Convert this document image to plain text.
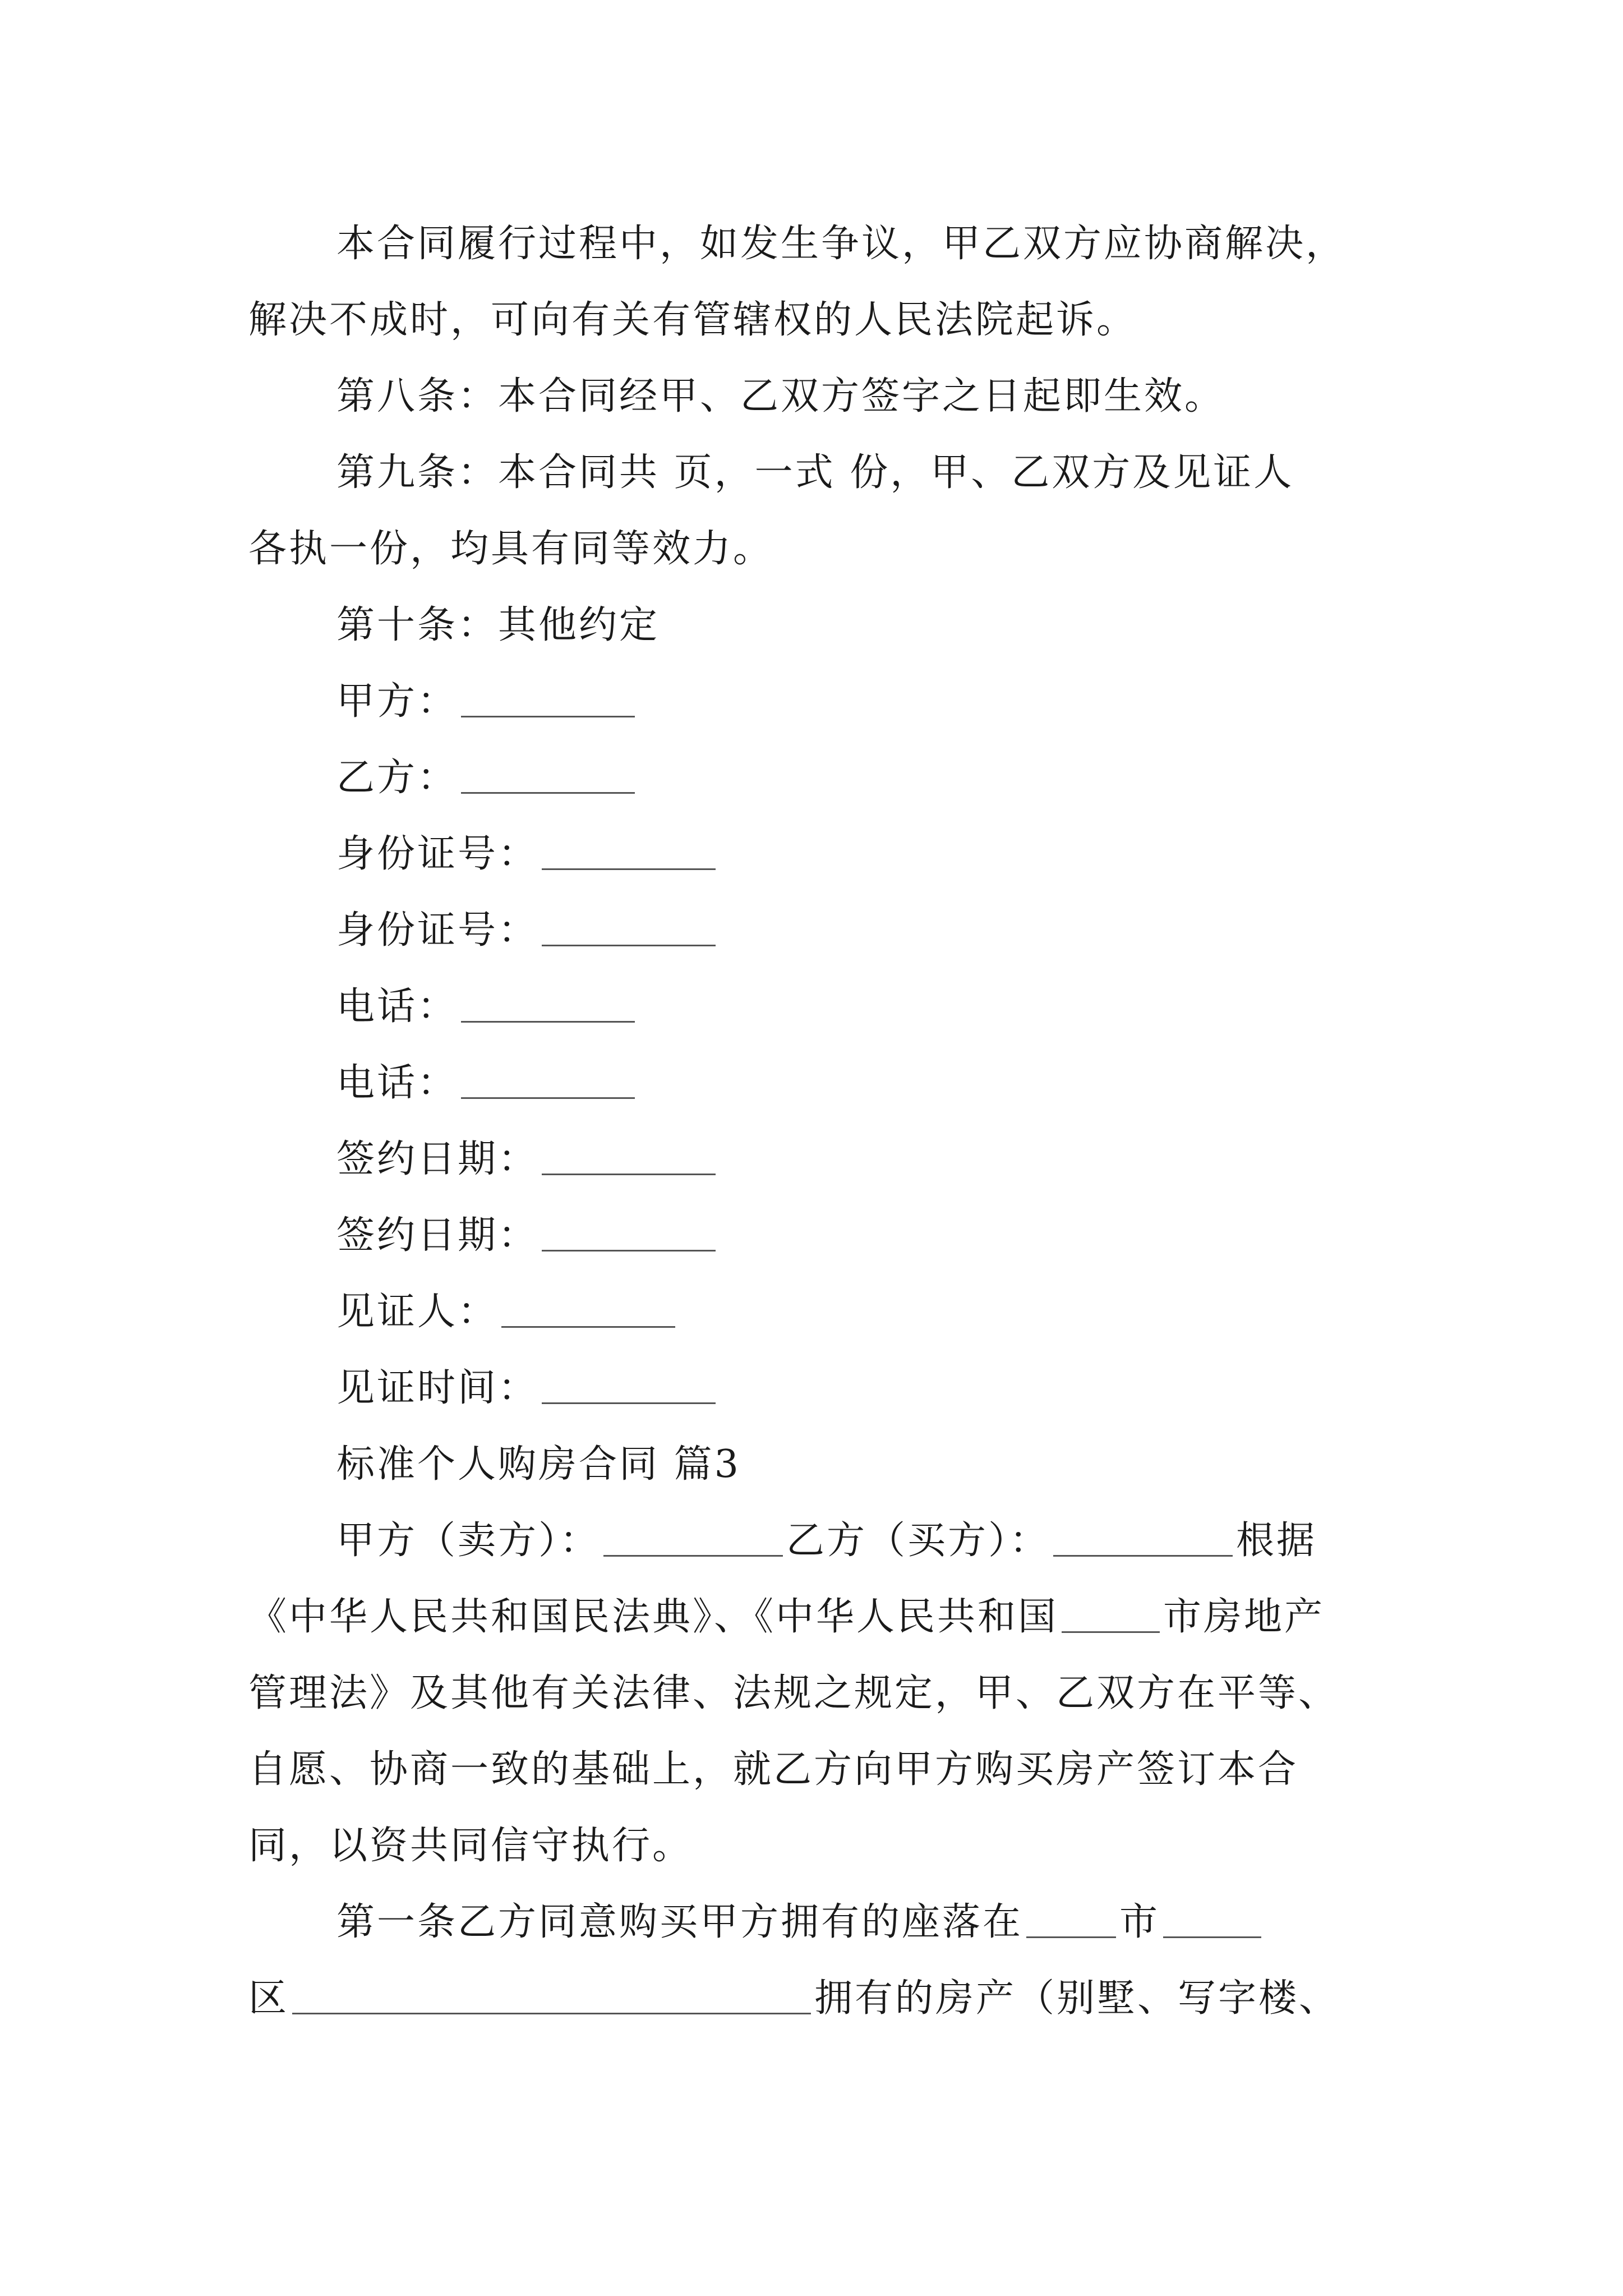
本合同履行过程中，如发生争议，甲乙双方应协商解决，
解决不成时，可向有关有管辖权的人民法院起诉。
第八条：本合同经甲、乙双方签字之日起即生效。
第九条：本合同共 页，一式 份，甲、乙双方及见证人
各执一份，均具有同等效力。
第十条：其他约定
甲方：
乙方：
身份证号：
身份证号：
电话：
电话：
签约日期：
签约日期：
见证人：
见证时间：
标准个人购房合同 篇3
甲方（卖方）：	乙方（买方）：	根据
《中华人民共和国民法典》、《中华人民共和国	市房地产
管理法》及其他有关法律、法规之规定，甲、乙双方在平等、
自愿、协商一致的基础上，就乙方向甲方购买房产签订本合
同，以资共同信守执行。
第一条乙方同意购买甲方拥有的座落在	市
区	拥有的房产（别墅、写字楼、
